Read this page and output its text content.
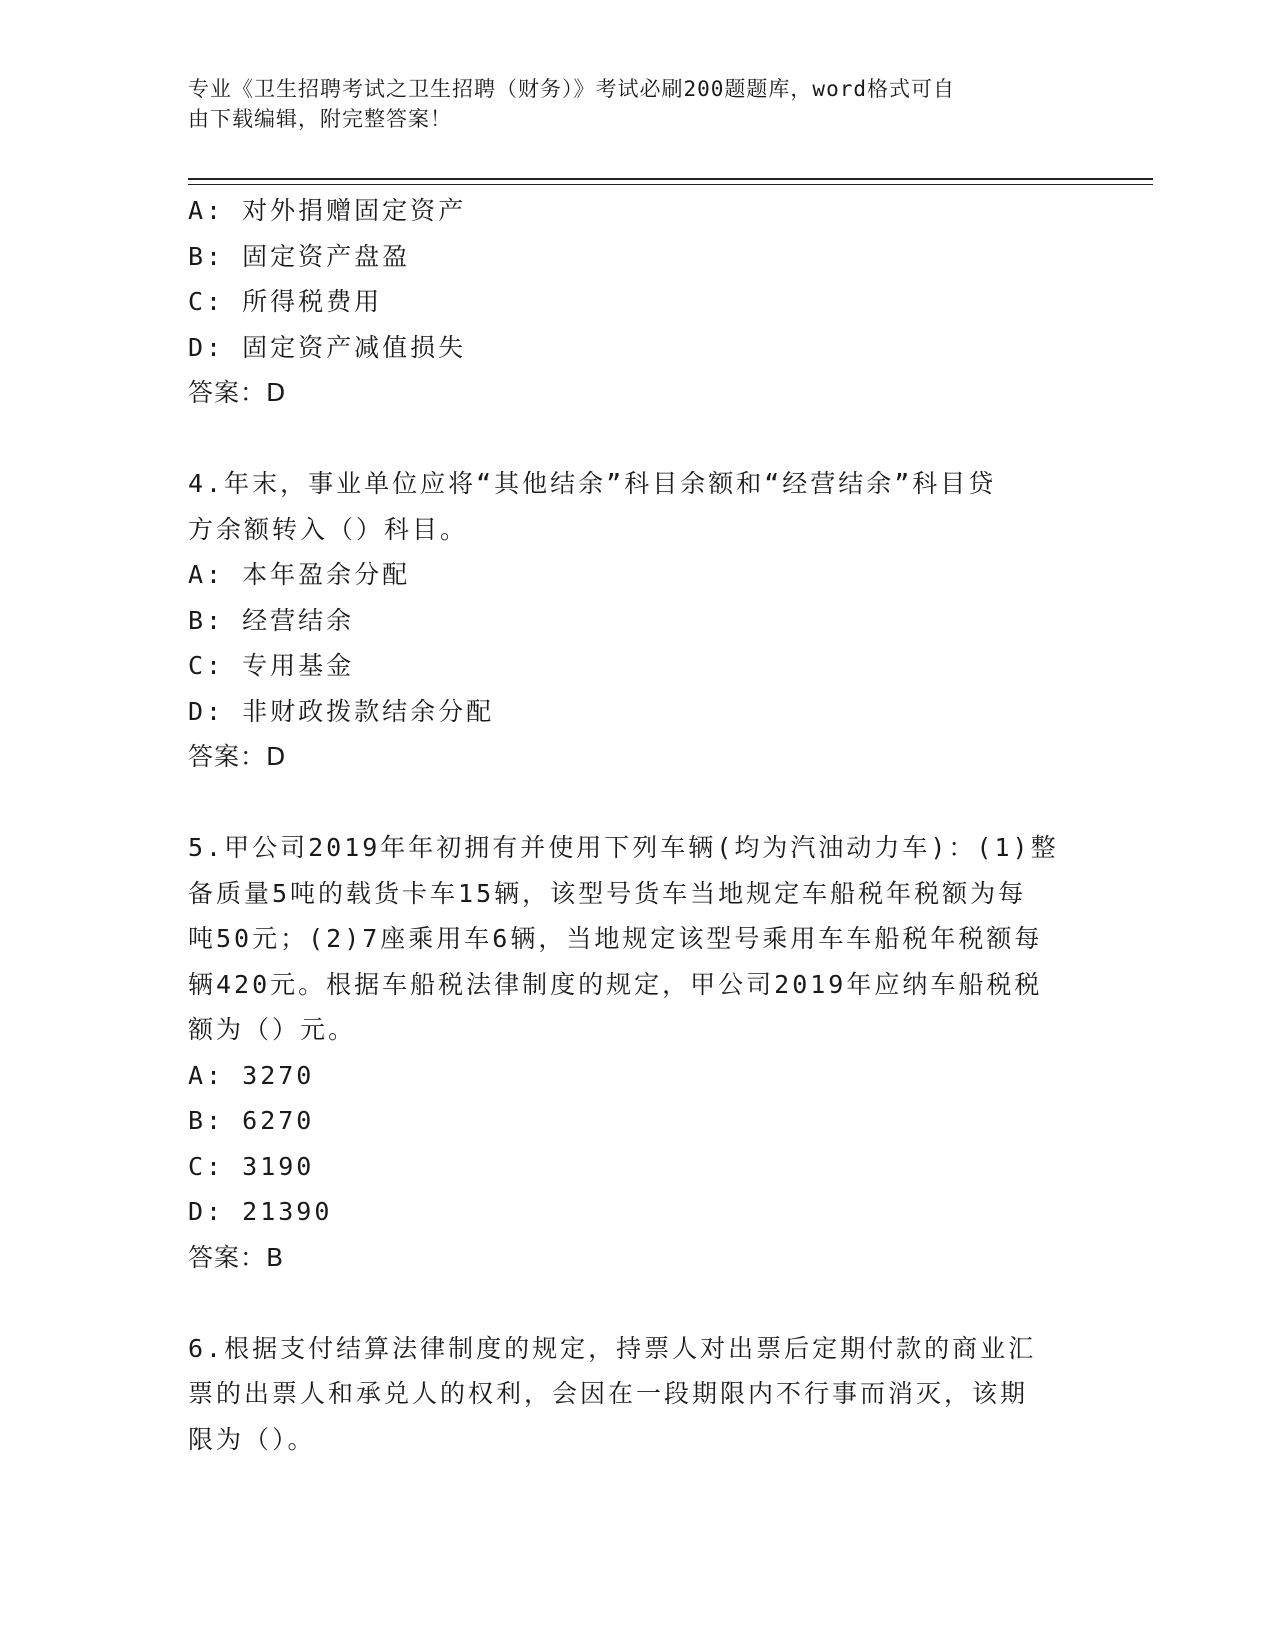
专业《卫生招聘考试之卫生招聘（财务）》考试必刷200题题库，word格式可自
由下载编辑，附完整答案！
A: 对外捐赠固定资产
B: 固定资产盘盈
C: 所得税费用
D: 固定资产减值损失
答案：D
4.年末，事业单位应将“其他结余”科目余额和“经营结余”科目贷
方余额转入（）科目。
A: 本年盈余分配
B: 经营结余
C: 专用基金
D: 非财政拨款结余分配
答案：D
5.甲公司2019年年初拥有并使用下列车辆(均为汽油动力车)：(1)整
备质量5吨的载货卡车15辆，该型号货车当地规定车船税年税额为每
吨50元；(2)7座乘用车6辆，当地规定该型号乘用车车船税年税额每
辆420元。根据车船税法律制度的规定，甲公司2019年应纳车船税税
额为（）元。
A: 3270
B: 6270
C: 3190
D: 21390
答案：B
6.根据支付结算法律制度的规定，持票人对出票后定期付款的商业汇
票的出票人和承兑人的权利，会因在一段期限内不行事而消灭，该期
限为（）。
